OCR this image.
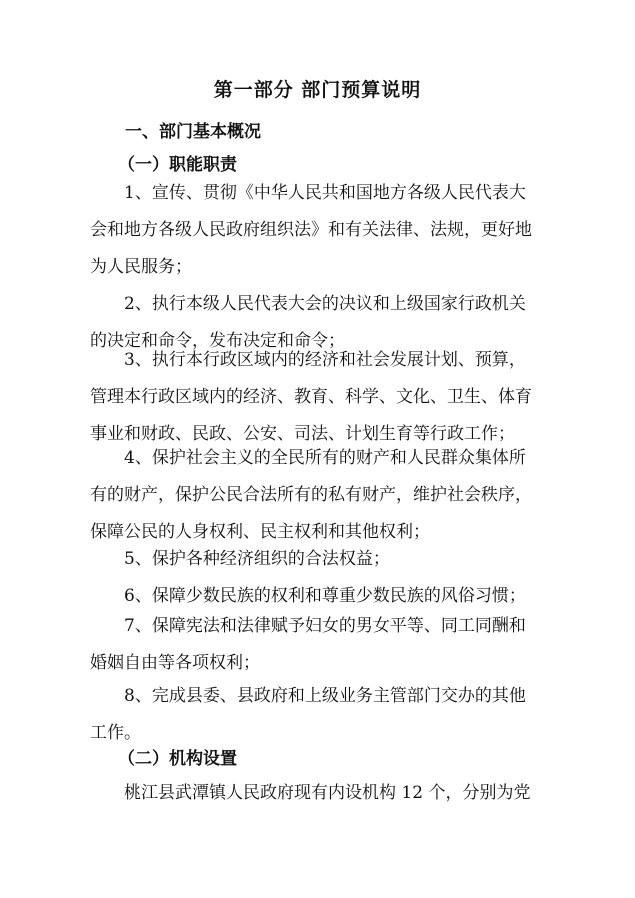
第一部分 部门预算说明
一、部门基本概况
（一）职能职责
1、宣传、贯彻《中华人民共和国地方各级人民代表大
会和地方各级人民政府组织法》和有关法律、法规，更好地
为人民服务；
2、执行本级人民代表大会的决议和上级国家行政机关
的决定和命令，发布决定和命令；
3、执行本行政区域内的经济和社会发展计划、预算，
管理本行政区域内的经济、教育、科学、文化、卫生、体育
事业和财政、民政、公安、司法、计划生育等行政工作；
4、保护社会主义的全民所有的财产和人民群众集体所
有的财产，保护公民合法所有的私有财产，维护社会秩序，
保障公民的人身权利、民主权利和其他权利；
5、保护各种经济组织的合法权益；
6、保障少数民族的权利和尊重少数民族的风俗习惯；
7、保障宪法和法律赋予妇女的男女平等、同工同酬和
婚姻自由等各项权利；
8、完成县委、县政府和上级业务主管部门交办的其他
工作。
（二）机构设置
桃江县武潭镇人民政府现有内设机构 12 个，分别为党
